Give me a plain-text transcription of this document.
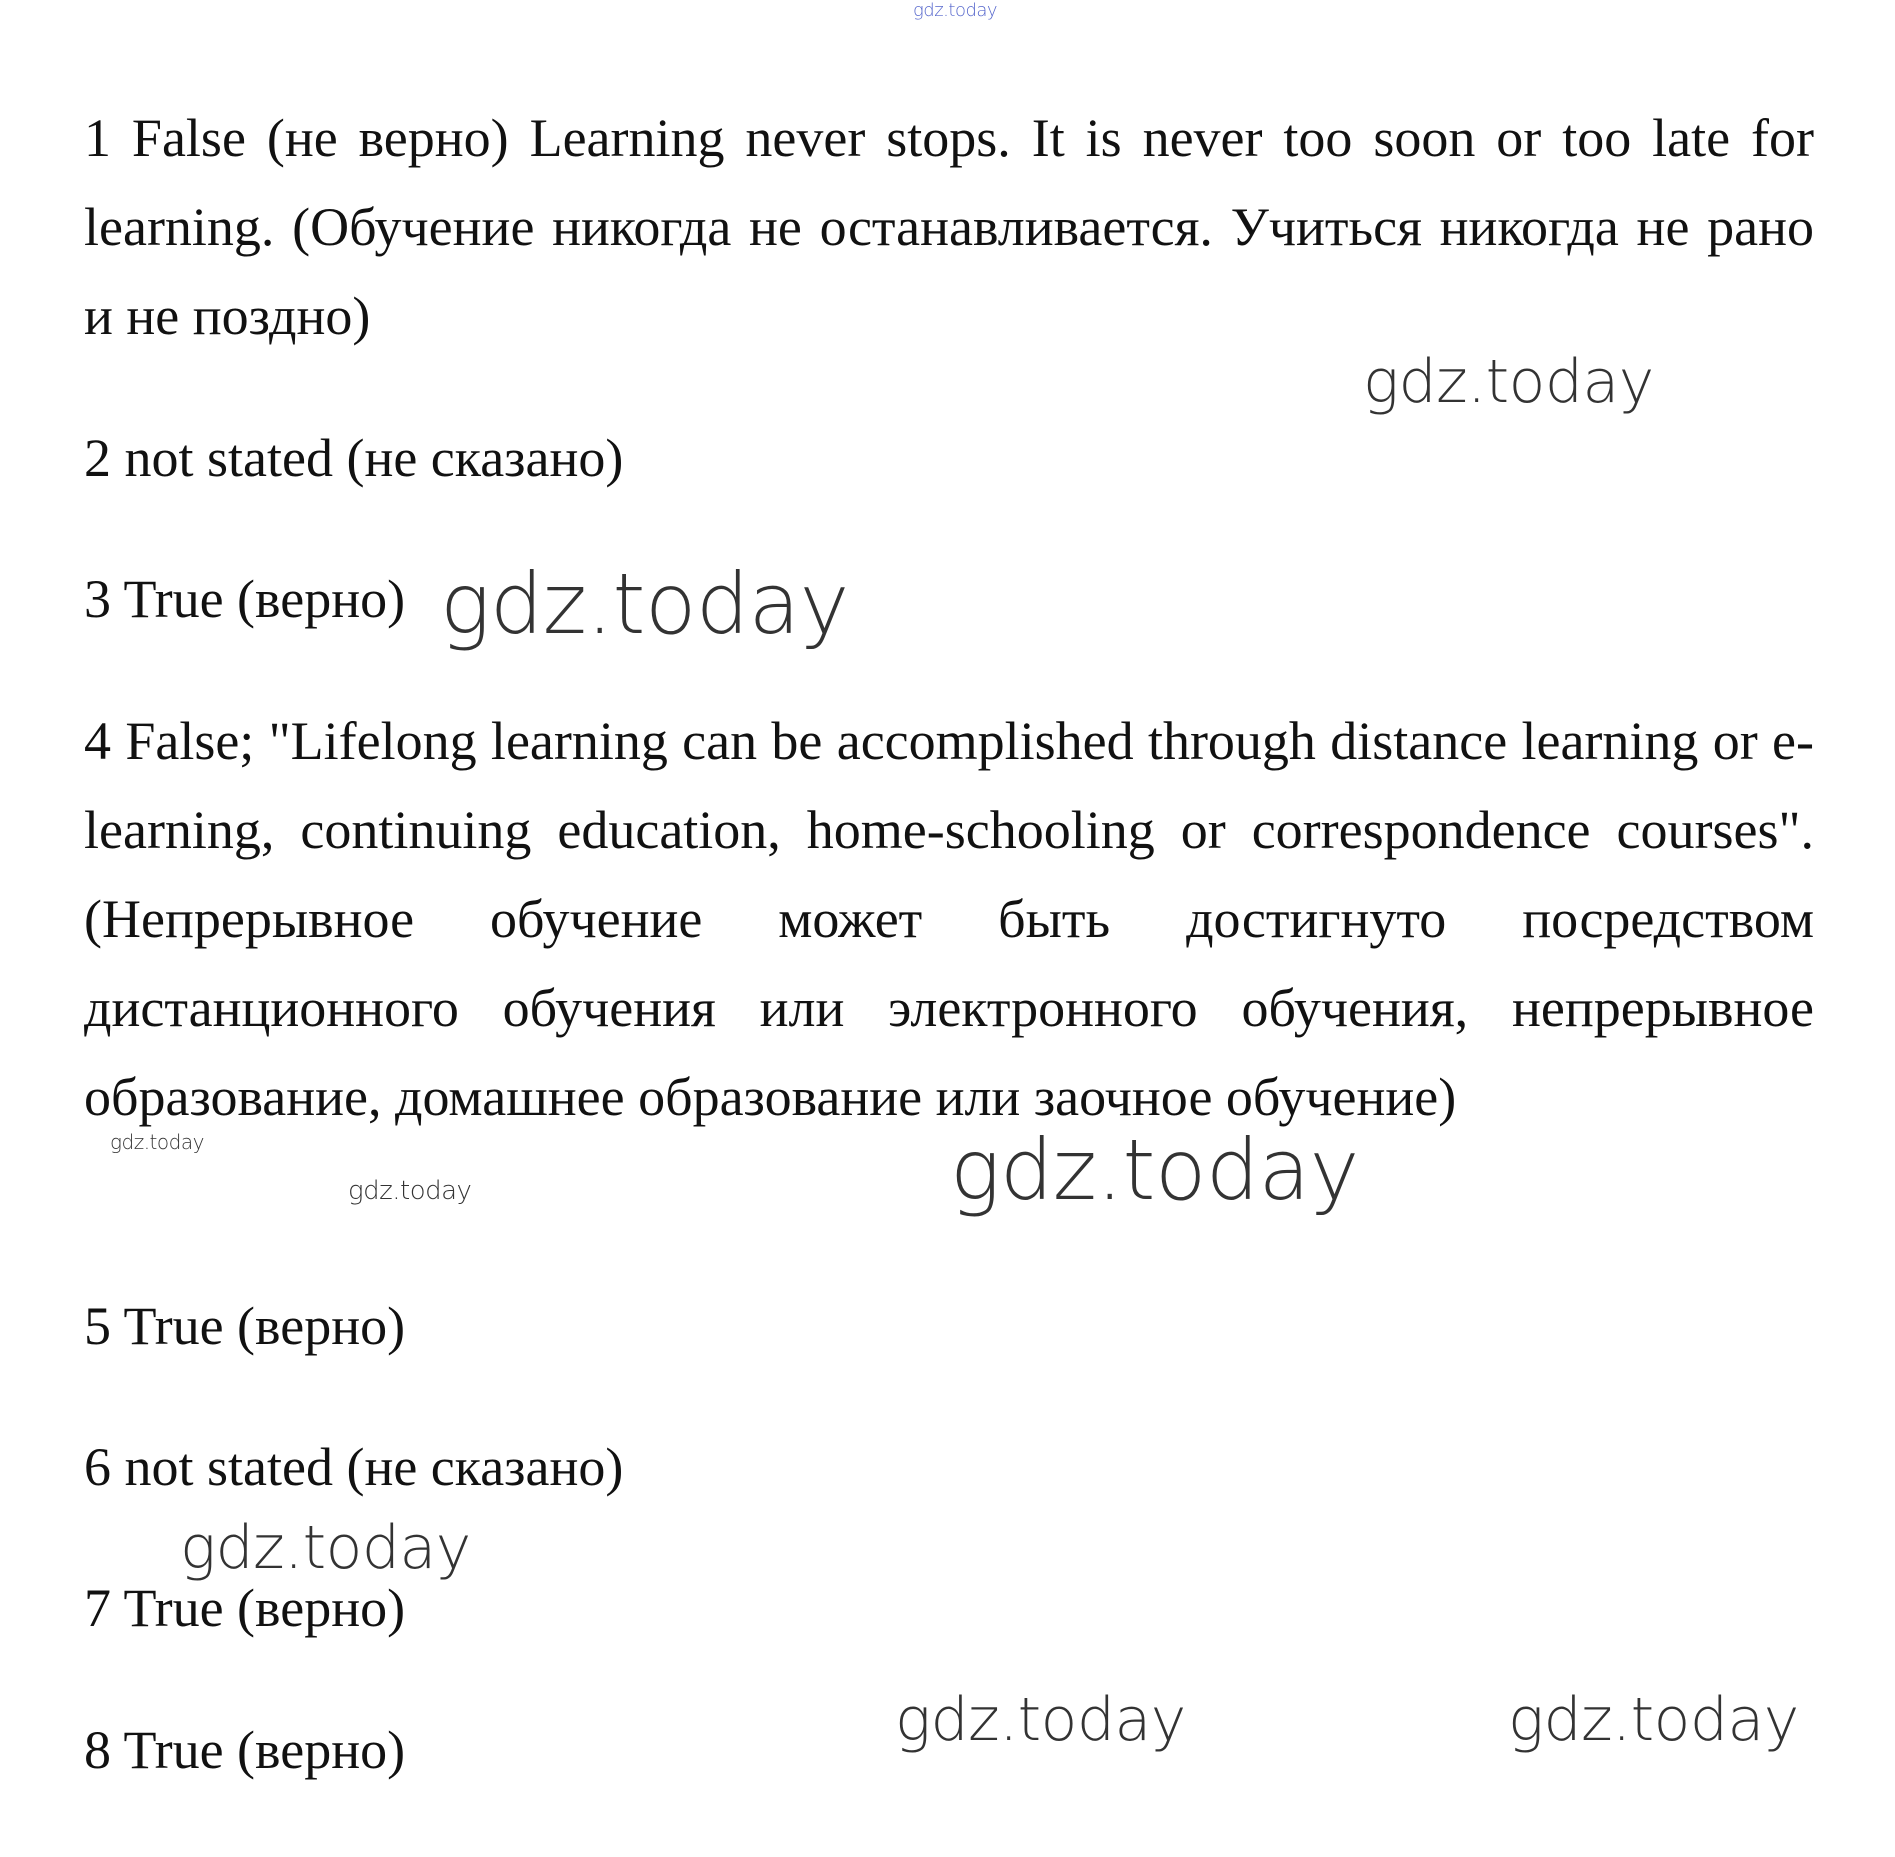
gdz.today

1 False (не верно) Learning never stops. It is never too soon or too late for learning. (Обучение никогда не останавливается. Учиться никогда не рано и не поздно)

gdz.today

2 not stated (не сказано)

3 True (верно) gdz.today

4 False; "Lifelong learning can be accomplished through distance learning or e-learning, continuing education, home-schooling or correspondence courses". (Непрерывное обучение может быть достигнуто посредством дистанционного обучения или электронного обучения, непрерывное образование, домашнее образование или заочное обучение)

gdz.today
gdz.today	gdz.today

5 True (верно)

6 not stated (не сказано)

gdz.today

7 True (верно)

8 True (верно)	gdz.today	gdz.today
